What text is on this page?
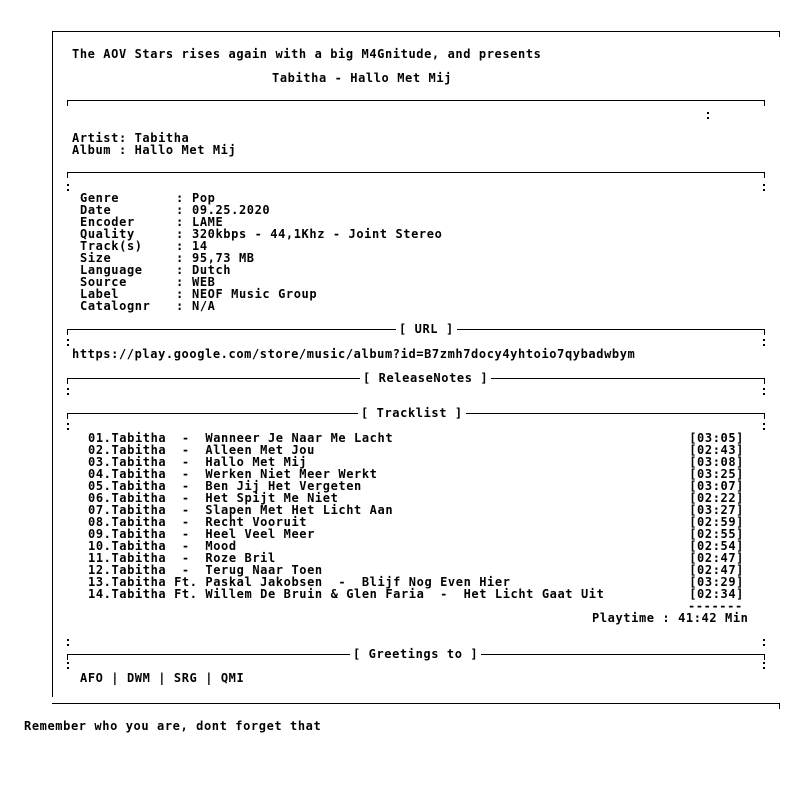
The AOV Stars rises again with a big M4Gnitude, and presents
Tabitha - Hallo Met Mij
Artist: Tabitha
Album : Hallo Met Mij
Genre	: Pop
Date	: 09.25.2020
Encoder	: LAME
Quality	: 320kbps - 44,1Khz - Joint Stereo
Track(s)	: 14
Size	: 95,73 MB
Language	: Dutch
Source	: WEB
Label	: NEOF Music Group
Catalognr : N/A
[ URL ]
https://play.google.com/store/music/album?id=B7zmh7docy4yhtoio7qybadwbym
[ ReleaseNotes ]
[ Tracklist ]
01.Tabitha  -  Wanneer Je Naar Me Lacht	[03:05]
02.Tabitha  -  Alleen Met Jou	[02:43]
03.Tabitha  -  Hallo Met Mij	[03:08]
04.Tabitha  -  Werken Niet Meer Werkt	[03:25]
05.Tabitha  -  Ben Jij Het Vergeten	[03:07]
06.Tabitha  -  Het Spijt Me Niet	[02:22]
07.Tabitha  -  Slapen Met Het Licht Aan	[03:27]
08.Tabitha  -  Recht Vooruit	[02:59]
09.Tabitha  -  Heel Veel Meer	[02:55]
10.Tabitha  -  Mood	[02:54]
11.Tabitha  -  Roze Bril	[02:47]
12.Tabitha  -  Terug Naar Toen	[02:47]
13.Tabitha Ft. Paskal Jakobsen  -  Blijf Nog Even Hier	[03:29]
14.Tabitha Ft. Willem De Bruin & Glen Faria  -  Het Licht Gaat Uit	[02:34]
-------
Playtime : 41:42 Min
[ Greetings to ]
AFO | DWM | SRG | QMI
Remember who you are, dont forget that
